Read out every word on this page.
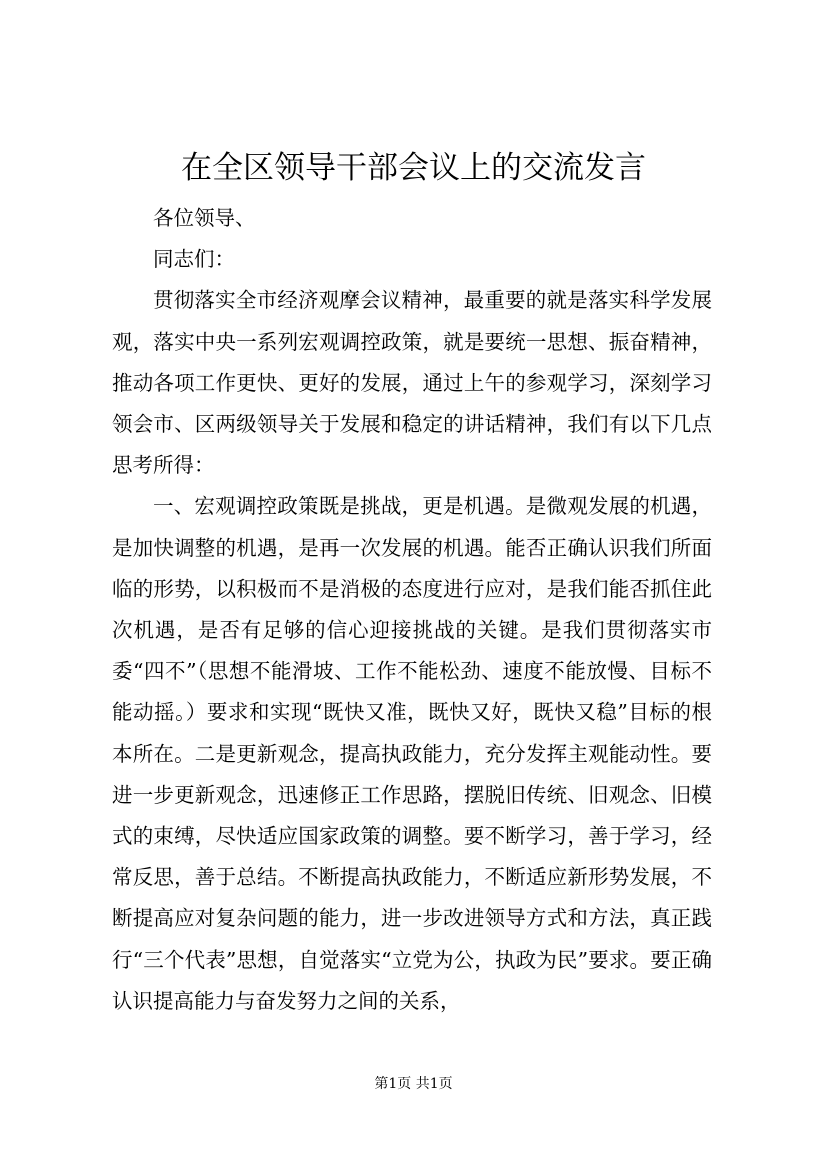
在全区领导干部会议上的交流发言

各位领导、

同志们：

贯彻落实全市经济观摩会议精神，最重要的就是落实科学发展观，落实中央一系列宏观调控政策，就是要统一思想、振奋精神，推动各项工作更快、更好的发展，通过上午的参观学习，深刻学习领会市、区两级领导关于发展和稳定的讲话精神，我们有以下几点思考所得：

一、宏观调控政策既是挑战，更是机遇。是微观发展的机遇，是加快调整的机遇，是再一次发展的机遇。能否正确认识我们所面临的形势，以积极而不是消极的态度进行应对，是我们能否抓住此次机遇，是否有足够的信心迎接挑战的关键。是我们贯彻落实市委“四不”（思想不能滑坡、工作不能松劲、速度不能放慢、目标不能动摇。）要求和实现“既快又准，既快又好，既快又稳”目标的根本所在。二是更新观念，提高执政能力，充分发挥主观能动性。要进一步更新观念，迅速修正工作思路，摆脱旧传统、旧观念、旧模式的束缚，尽快适应国家政策的调整。要不断学习，善于学习，经常反思，善于总结。不断提高执政能力，不断适应新形势发展，不断提高应对复杂问题的能力，进一步改进领导方式和方法，真正践行“三个代表”思想，自觉落实“立党为公，执政为民”要求。要正确认识提高能力与奋发努力之间的关系，

第1页 共1页
